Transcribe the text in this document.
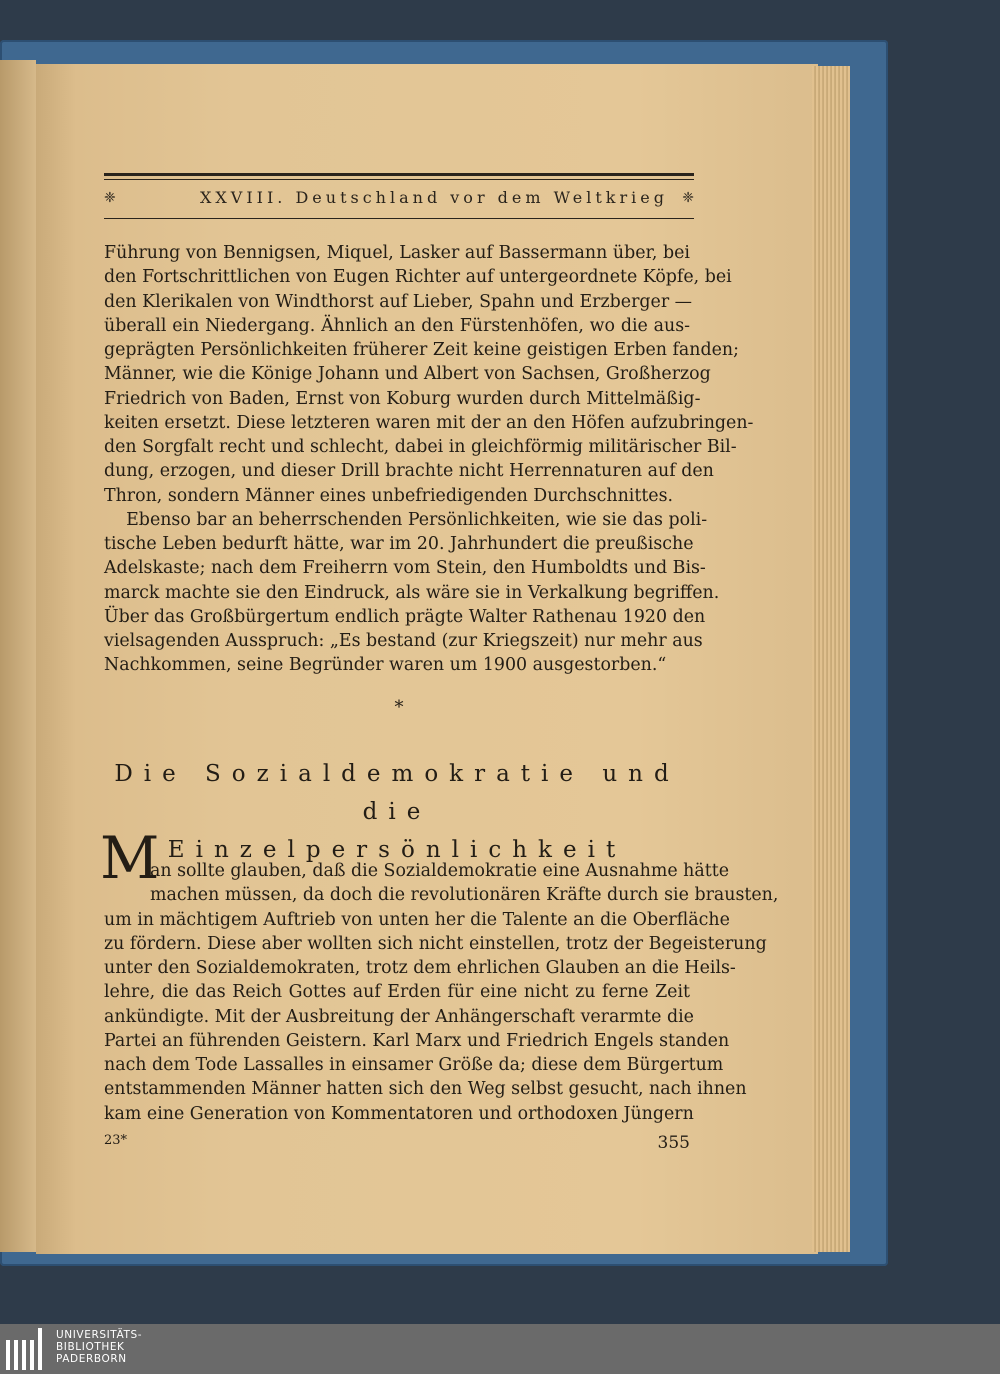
❈	XXVIII. Deutschland vor dem Weltkrieg ❈
Führung von Bennigsen, Miquel, Lasker auf Bassermann über, bei
den Fortschrittlichen von Eugen Richter auf untergeordnete Köpfe, bei
den Klerikalen von Windthorst auf Lieber, Spahn und Erzberger —
überall ein Niedergang. Ähnlich an den Fürstenhöfen, wo die aus-
geprägten Persönlichkeiten früherer Zeit keine geistigen Erben fanden;
Männer, wie die Könige Johann und Albert von Sachsen, Großherzog
Friedrich von Baden, Ernst von Koburg wurden durch Mittelmäßig-
keiten ersetzt. Diese letzteren waren mit der an den Höfen aufzubringen-
den Sorgfalt recht und schlecht, dabei in gleichförmig militärischer Bil-
dung, erzogen, und dieser Drill brachte nicht Herrennaturen auf den
Thron, sondern Männer eines unbefriedigenden Durchschnittes.
Ebenso bar an beherrschenden Persönlichkeiten, wie sie das poli-
tische Leben bedurft hätte, war im 20. Jahrhundert die preußische
Adelskaste; nach dem Freiherrn vom Stein, den Humboldts und Bis-
marck machte sie den Eindruck, als wäre sie in Verkalkung begriffen.
Über das Großbürgertum endlich prägte Walter Rathenau 1920 den
vielsagenden Ausspruch: „Es bestand (zur Kriegszeit) nur mehr aus
Nachkommen, seine Begründer waren um 1900 ausgestorben.“
*
Die Sozialdemokratie und die
Einzelpersönlichkeit
M
an sollte glauben, daß die Sozialdemokratie eine Ausnahme hätte
machen müssen, da doch die revolutionären Kräfte durch sie brausten,
um in mächtigem Auftrieb von unten her die Talente an die Oberfläche
zu fördern. Diese aber wollten sich nicht einstellen, trotz der Begeisterung
unter den Sozialdemokraten, trotz dem ehrlichen Glauben an die Heils-
lehre, die das Reich Gottes auf Erden für eine nicht zu ferne Zeit
ankündigte. Mit der Ausbreitung der Anhängerschaft verarmte die
Partei an führenden Geistern. Karl Marx und Friedrich Engels standen
nach dem Tode Lassalles in einsamer Größe da; diese dem Bürgertum
entstammenden Männer hatten sich den Weg selbst gesucht, nach ihnen
kam eine Generation von Kommentatoren und orthodoxen Jüngern
23*	355
UNIVERSITÄTS-
BIBLIOTHEK
PADERBORN
